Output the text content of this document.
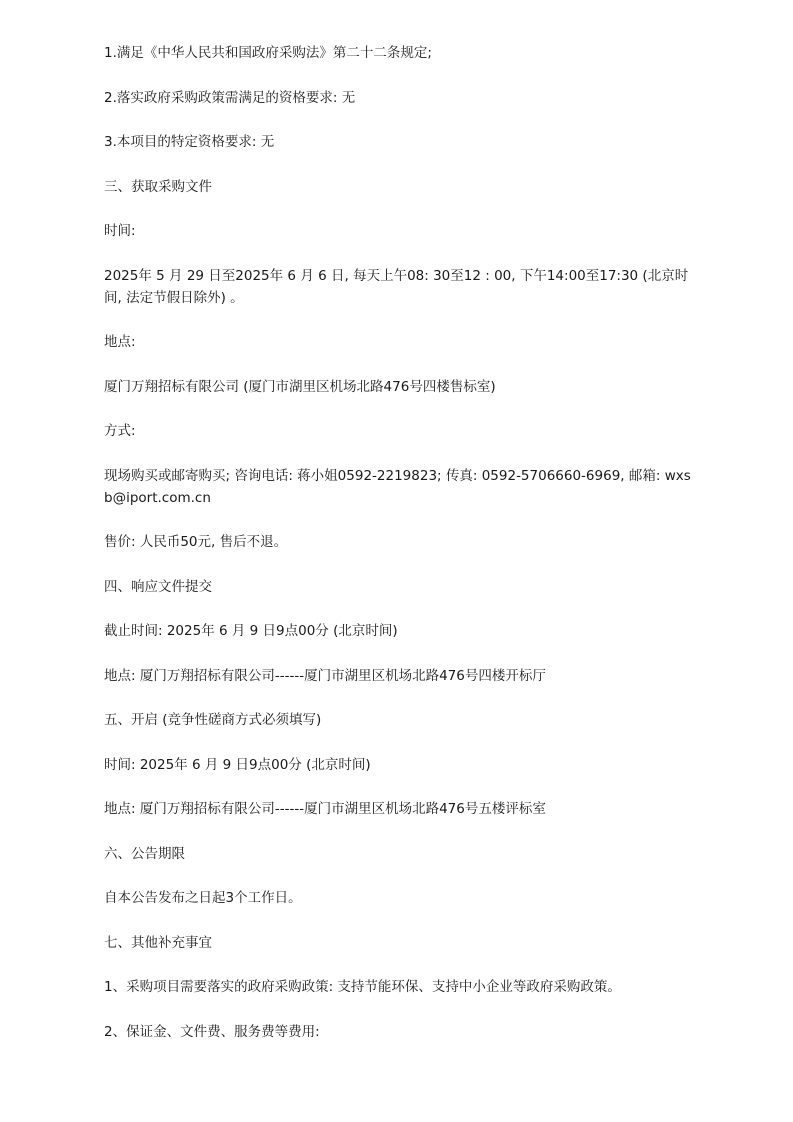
1.满足《中华人民共和国政府采购法》第二十二条规定;

2.落实政府采购政策需满足的资格要求: 无

3.本项目的特定资格要求: 无

三、获取采购文件

时间:

2025年 5 月 29 日至2025年 6 月 6 日, 每天上午08: 30至12 : 00, 下午14:00至17:30 (北京时间, 法定节假日除外) 。

地点:

厦门万翔招标有限公司 (厦门市湖里区机场北路476号四楼售标室)

方式:

现场购买或邮寄购买; 咨询电话: 蒋小姐0592-2219823; 传真: 0592-5706660-6969, 邮箱: wxsb@iport.com.cn

售价: 人民币50元, 售后不退。

四、响应文件提交

截止时间: 2025年 6 月 9 日9点00分 (北京时间)

地点: 厦门万翔招标有限公司------厦门市湖里区机场北路476号四楼开标厅

五、开启 (竞争性磋商方式必须填写)

时间: 2025年 6 月 9 日9点00分 (北京时间)

地点: 厦门万翔招标有限公司------厦门市湖里区机场北路476号五楼评标室

六、公告期限

自本公告发布之日起3个工作日。

七、其他补充事宜

1、采购项目需要落实的政府采购政策: 支持节能环保、支持中小企业等政府采购政策。

2、保证金、文件费、服务费等费用:
